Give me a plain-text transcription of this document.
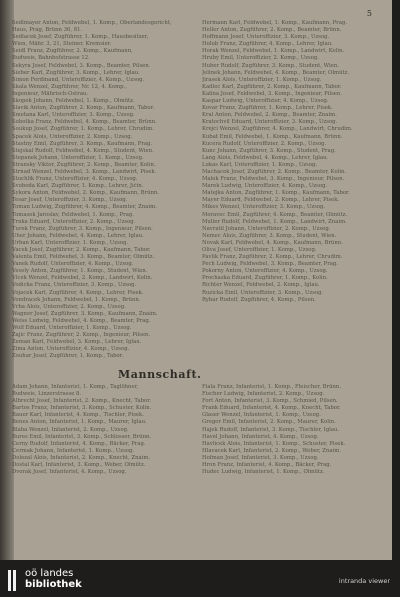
5
Sedlmayer Anton, Feldwebel, 1. Komp., Oberlandesgericht,
Haus, Prag, Brünn 36, 81.
Sedlacek Josef, Zugführer, 1. Komp., Hausbesitzer,
Wien, Mähr. 3, 21, Steiner, Kremsier.
Seidl Franz, Zugführer, 2. Komp., Kaufmann,
Budweis, Bahnhofstrasse 12.
Sekyra Josef, Feldwebel, 3. Komp., Beamter, Pilsen.
Sieber Karl, Zugführer, 3. Komp., Lehrer, Iglau.
Simon Ferdinand, Unteroffizier, 4. Komp., Uzsog.
Skala Wenzel, Zugführer, Nr. 12, 4. Komp.,
Ingenieur, Mährisch-Ostrau.
Skopek Johann, Feldwebel, 1. Komp., Olmütz.
Slavik Anton, Zugführer, 2. Komp., Kaufmann, Tabor.
Smetana Karl, Unteroffizier, 3. Komp., Uzsog.
Sobotka Franz, Feldwebel, 4. Komp., Beamter, Brünn.
Soukup Josef, Zugführer, 1. Komp., Lehrer, Chrudim.
Spacek Alois, Unteroffizier, 2. Komp., Uzsog.
Stastny Emil, Zugführer, 3. Komp., Kaufmann, Prag.
Stejskal Rudolf, Feldwebel, 4. Komp., Student, Wien.
Stepanek Johann, Unteroffizier, 1. Komp., Uzsog.
Stransky Viktor, Zugführer, 2. Komp., Beamter, Kolin.
Strnad Wenzel, Feldwebel, 3. Komp., Landwirt, Pisek.
Stuchlik Franz, Unteroffizier, 4. Komp., Uzsog.
Svoboda Karl, Zugführer, 1. Komp., Lehrer, Jičin.
Sykora Anton, Feldwebel, 2. Komp., Kaufmann, Brünn.
Tesar Josef, Unteroffizier, 3. Komp., Uzsog.
Toman Ludwig, Zugführer, 4. Komp., Beamter, Znaim.
Tomasek Jaroslav, Feldwebel, 1. Komp., Prag.
Trnka Eduard, Unteroffizier, 2. Komp., Uzsog.
Turek Franz, Zugführer, 3. Komp., Ingenieur, Pilsen.
Uher Johann, Feldwebel, 4. Komp., Lehrer, Iglau.
Urban Karl, Unteroffizier, 1. Komp., Uzsog.
Vacek Josef, Zugführer, 2. Komp., Kaufmann, Tabor.
Valenta Emil, Feldwebel, 3. Komp., Beamter, Olmütz.
Vanek Rudolf, Unteroffizier, 4. Komp., Uzsog.
Vesely Anton, Zugführer, 1. Komp., Student, Wien.
Vlcek Wenzel, Feldwebel, 2. Komp., Landwirt, Kolin.
Vodicka Franz, Unteroffizier, 3. Komp., Uzsog.
Vojacek Karl, Zugführer, 4. Komp., Lehrer, Pisek.
Vondracek Johann, Feldwebel, 1. Komp., Brünn.
Vrba Alois, Unteroffizier, 2. Komp., Uzsog.
Wagner Josef, Zugführer, 3. Komp., Kaufmann, Znaim.
Weiss Ludwig, Feldwebel, 4. Komp., Beamter, Prag.
Wolf Eduard, Unteroffizier, 1. Komp., Uzsog.
Zajic Franz, Zugführer, 2. Komp., Ingenieur, Pilsen.
Zeman Karl, Feldwebel, 3. Komp., Lehrer, Iglau.
Zima Anton, Unteroffizier, 4. Komp., Uzsog.
Zouhar Josef, Zugführer, 1. Komp., Tabor.
Hermann Karl, Feldwebel, 1. Komp., Kaufmann, Prag.
Heller Anton, Zugführer, 2. Komp., Beamter, Brünn.
Hoffmann Josef, Unteroffizier, 3. Komp., Uzsog.
Holub Franz, Zugführer, 4. Komp., Lehrer, Iglau.
Horak Wenzel, Feldwebel, 1. Komp., Landwirt, Kolin.
Hruby Emil, Unteroffizier, 2. Komp., Uzsog.
Huber Rudolf, Zugführer, 3. Komp., Student, Wien.
Jelinek Johann, Feldwebel, 4. Komp., Beamter, Olmütz.
Jirasek Alois, Unteroffizier, 1. Komp., Uzsog.
Kadlec Karl, Zugführer, 2. Komp., Kaufmann, Tabor.
Kalina Josef, Feldwebel, 3. Komp., Ingenieur, Pilsen.
Kaspar Ludwig, Unteroffizier, 4. Komp., Uzsog.
Kovar Franz, Zugführer, 1. Komp., Lehrer, Pisek.
Kral Anton, Feldwebel, 2. Komp., Beamter, Znaim.
Kratochvil Eduard, Unteroffizier, 3. Komp., Uzsog.
Krejci Wenzel, Zugführer, 4. Komp., Landwirt, Chrudim.
Kubat Emil, Feldwebel, 1. Komp., Kaufmann, Brünn.
Kucera Rudolf, Unteroffizier, 2. Komp., Uzsog.
Kunc Johann, Zugführer, 3. Komp., Student, Prag.
Lang Alois, Feldwebel, 4. Komp., Lehrer, Iglau.
Lukas Karl, Unteroffizier, 1. Komp., Uzsog.
Machacek Josef, Zugführer, 2. Komp., Beamter, Kolin.
Malek Franz, Feldwebel, 3. Komp., Ingenieur, Pilsen.
Marek Ludwig, Unteroffizier, 4. Komp., Uzsog.
Matejka Anton, Zugführer, 1. Komp., Kaufmann, Tabor.
Mayer Eduard, Feldwebel, 2. Komp., Lehrer, Pisek.
Mikes Wenzel, Unteroffizier, 3. Komp., Uzsog.
Moravec Emil, Zugführer, 4. Komp., Beamter, Olmütz.
Muller Rudolf, Feldwebel, 1. Komp., Landwirt, Znaim.
Navratil Johann, Unteroffizier, 2. Komp., Uzsog.
Nemec Alois, Zugführer, 3. Komp., Student, Wien.
Novak Karl, Feldwebel, 4. Komp., Kaufmann, Brünn.
Oliva Josef, Unteroffizier, 1. Komp., Uzsog.
Pavlik Franz, Zugführer, 2. Komp., Lehrer, Chrudim.
Pech Ludwig, Feldwebel, 3. Komp., Beamter, Prag.
Pokorny Anton, Unteroffizier, 4. Komp., Uzsog.
Prochazka Eduard, Zugführer, 1. Komp., Kolin.
Richter Wenzel, Feldwebel, 2. Komp., Iglau.
Ruzicka Emil, Unteroffizier, 3. Komp., Uzsog.
Rybar Rudolf, Zugführer, 4. Komp., Pilsen.
Mannschaft.
Adam Johann, Infanterist, 1. Komp., Taglöhner,
Budweis, Linzerstrasse 8.
Albrecht Josef, Infanterist, 2. Komp., Knecht, Tabor.
Bartos Franz, Infanterist, 3. Komp., Schuster, Kolin.
Bauer Karl, Infanterist, 4. Komp., Tischler, Pisek.
Benes Anton, Infanterist, 1. Komp., Maurer, Iglau.
Blaha Wenzel, Infanterist, 2. Komp., Uzsog.
Bures Emil, Infanterist, 3. Komp., Schlosser, Brünn.
Cerny Rudolf, Infanterist, 4. Komp., Bäcker, Prag.
Cermak Johann, Infanterist, 1. Komp., Uzsog.
Dolezal Alois, Infanterist, 2. Komp., Knecht, Znaim.
Dostal Karl, Infanterist, 3. Komp., Weber, Olmütz.
Dvorak Josef, Infanterist, 4. Komp., Uzsog.
Fiala Franz, Infanterist, 1. Komp., Fleischer, Brünn.
Fischer Ludwig, Infanterist, 2. Komp., Uzsog.
Fort Anton, Infanterist, 3. Komp., Schmied, Pilsen.
Frank Eduard, Infanterist, 4. Komp., Knecht, Tabor.
Glaser Wenzel, Infanterist, 1. Komp., Uzsog.
Gregor Emil, Infanterist, 2. Komp., Maurer, Kolin.
Hajek Rudolf, Infanterist, 3. Komp., Tischler, Iglau.
Havel Johann, Infanterist, 4. Komp., Uzsog.
Havlicek Alois, Infanterist, 1. Komp., Schuster, Pisek.
Hlavacek Karl, Infanterist, 2. Komp., Weber, Znaim.
Hofman Josef, Infanterist, 3. Komp., Uzsog.
Hron Franz, Infanterist, 4. Komp., Bäcker, Prag.
Hudec Ludwig, Infanterist, 1. Komp., Olmütz.
oö landes
bibliothek	intranda viewer
